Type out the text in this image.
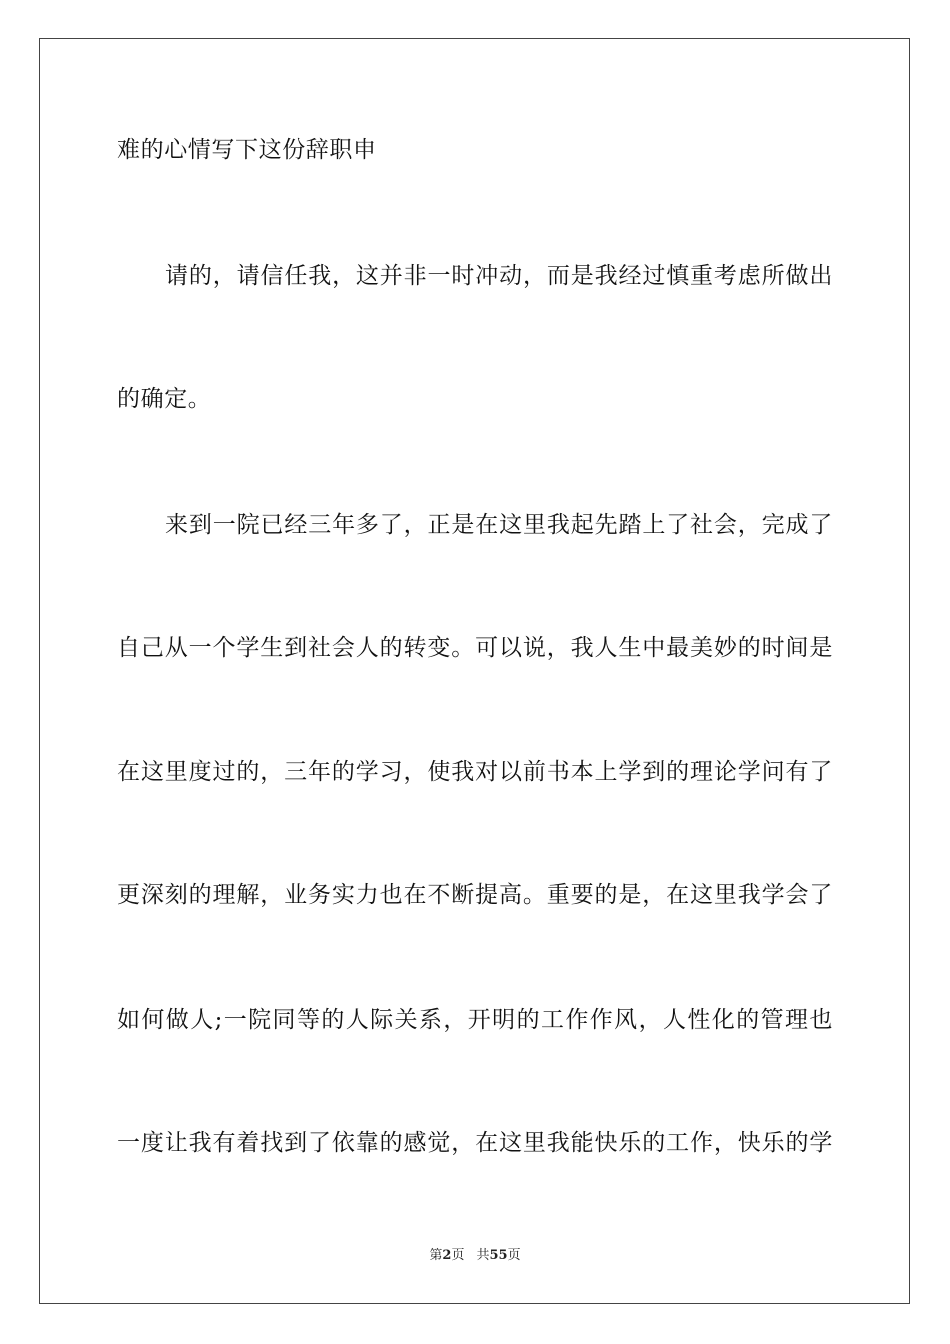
难的心情写下这份辞职申
请的，请信任我，这并非一时冲动，而是我经过慎重考虑所做出
的确定。
来到一院已经三年多了，正是在这里我起先踏上了社会，完成了
自己从一个学生到社会人的转变。可以说，我人生中最美妙的时间是
在这里度过的，三年的学习，使我对以前书本上学到的理论学问有了
更深刻的理解，业务实力也在不断提高。重要的是，在这里我学会了
如何做人;一院同等的人际关系，开明的工作作风，人性化的管理也
一度让我有着找到了依靠的感觉，在这里我能快乐的工作，快乐的学
第2页 共55页
